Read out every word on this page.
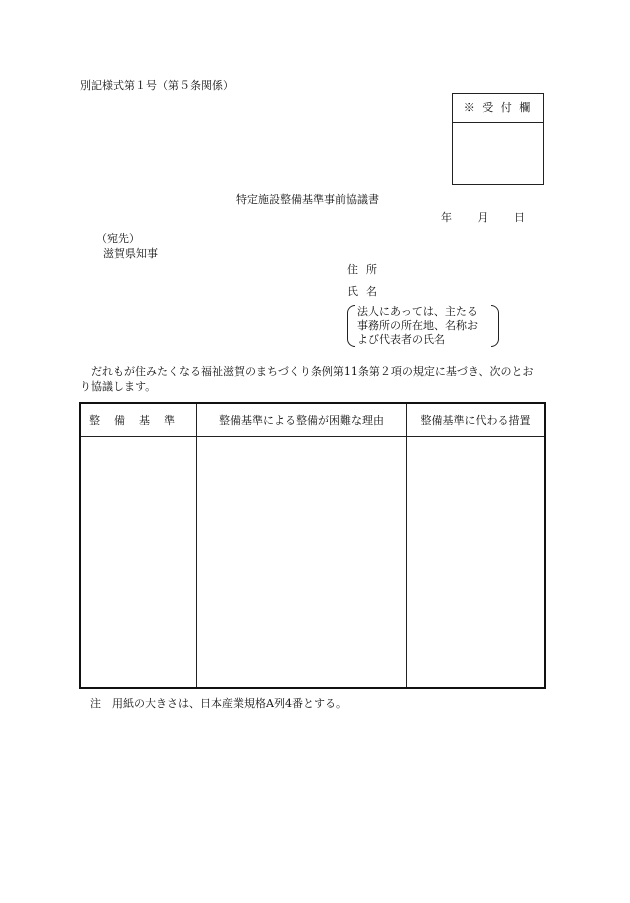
別記様式第１号（第５条関係）
※ 受 付 欄
特定施設整備基準事前協議書
年 月 日
（宛先）
滋賀県知事
住所
氏名
法人にあっては、主たる
事務所の所在地、名称お
よび代表者の氏名
だれもが住みたくなる福祉滋賀のまちづくり条例第11条第２項の規定に基づき、次のとおり協議します。
整備基準	整備基準による整備が困難な理由	整備基準に代わる措置
注　用紙の大きさは、日本産業規格A列4番とする。
